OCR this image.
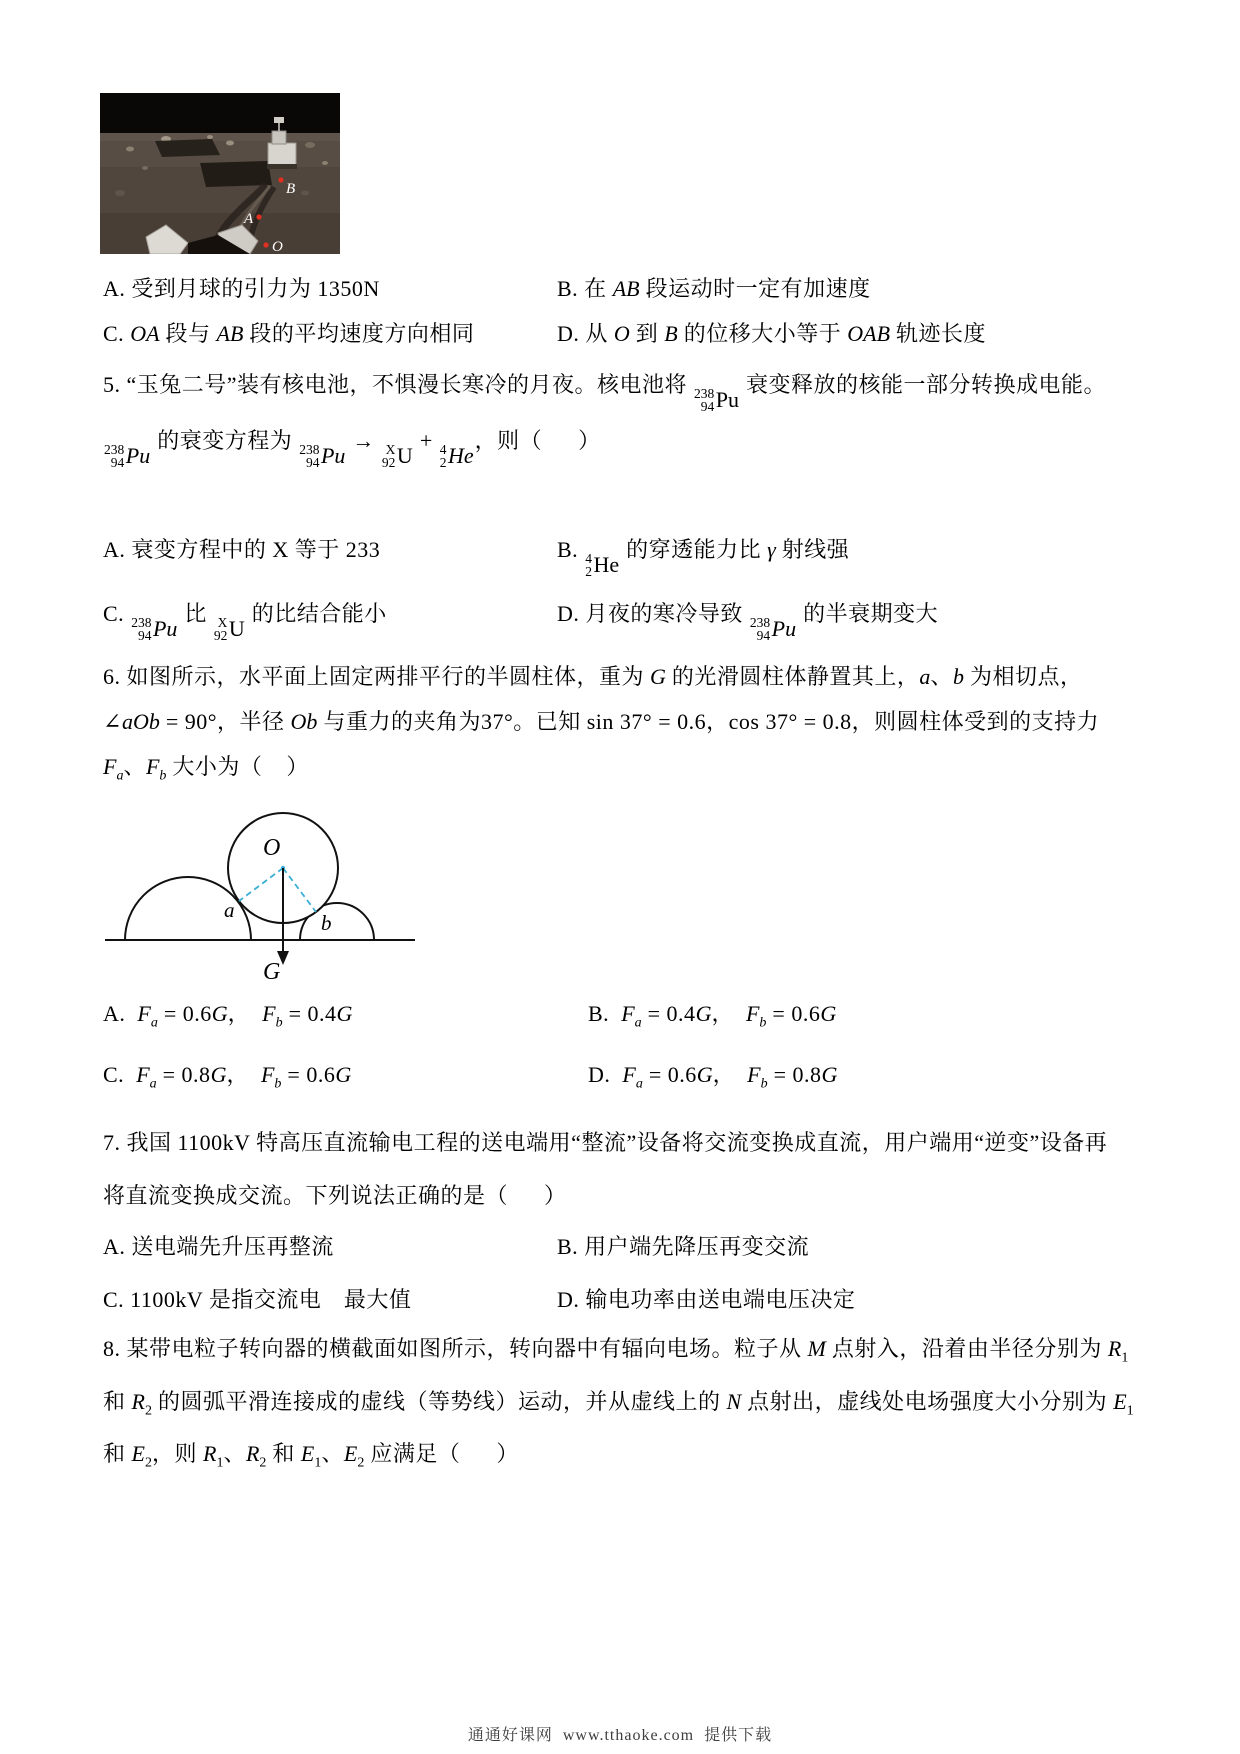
B
A
O
A. 受到月球的引力为 1350N	B. 在 AB 段运动时一定有加速度
C. OA 段与 AB 段的平均速度方向相同	D. 从 O 到 B 的位移大小等于 OAB 轨迹长度
5. “玉兔二号”装有核电池，不惧漫长寒冷的月夜。核电池将 238
94 Pu
衰变释放的核能一部分转换成电能。
238
94 Pu
的衰变方程为 238
94 Pu
→ X
92 U
+ 4
2 He
，则（      ）
A. 衰变方程中的 X 等于 233	B. 4
2 He
的穿透能力比 γ 射线强
C. 238
94 Pu
比 X
92 U
的比结合能小	D. 月夜的寒冷导致 238
94 Pu
的半衰期变大
6. 如图所示，水平面上固定两排平行的半圆柱体，重为 G 的光滑圆柱体静置其上，a、b 为相切点，
∠aOb = 90°，半径 Ob 与重力的夹角为37°。已知 sin 37° = 0.6，cos 37° = 0.8，则圆柱体受到的支持力
$F_a$、$F_b$ 大小为（    ）
O
a
b
G
A.  $F_a = 0.6G$，  $F_b = 0.4G$	B.  $F_a = 0.4G$，  $F_b = 0.6G$
C.  $F_a = 0.8G$，  $F_b = 0.6G$	D.  $F_a = 0.6G$，  $F_b = 0.8G$
7. 我国 1100kV 特高压直流输电工程的送电端用“整流”设备将交流变换成直流，用户端用“逆变”设备再
将直流变换成交流。下列说法正确的是（      ）
A. 送电端先升压再整流	B. 用户端先降压再变交流
C. 1100kV 是指交流电　最大值	D. 输电功率由送电端电压决定
8. 某带电粒子转向器的横截面如图所示，转向器中有辐向电场。粒子从 M 点射入，沿着由半径分别为 $R_1$
和 $R_2$ 的圆弧平滑连接成的虚线（等势线）运动，并从虚线上的 N 点射出，虚线处电场强度大小分别为 $E_1$
和 $E_2$，则 $R_1$、$R_2$ 和 $E_1$、$E_2$ 应满足（      ）
通通好课网  www.tthaoke.com  提供下载
